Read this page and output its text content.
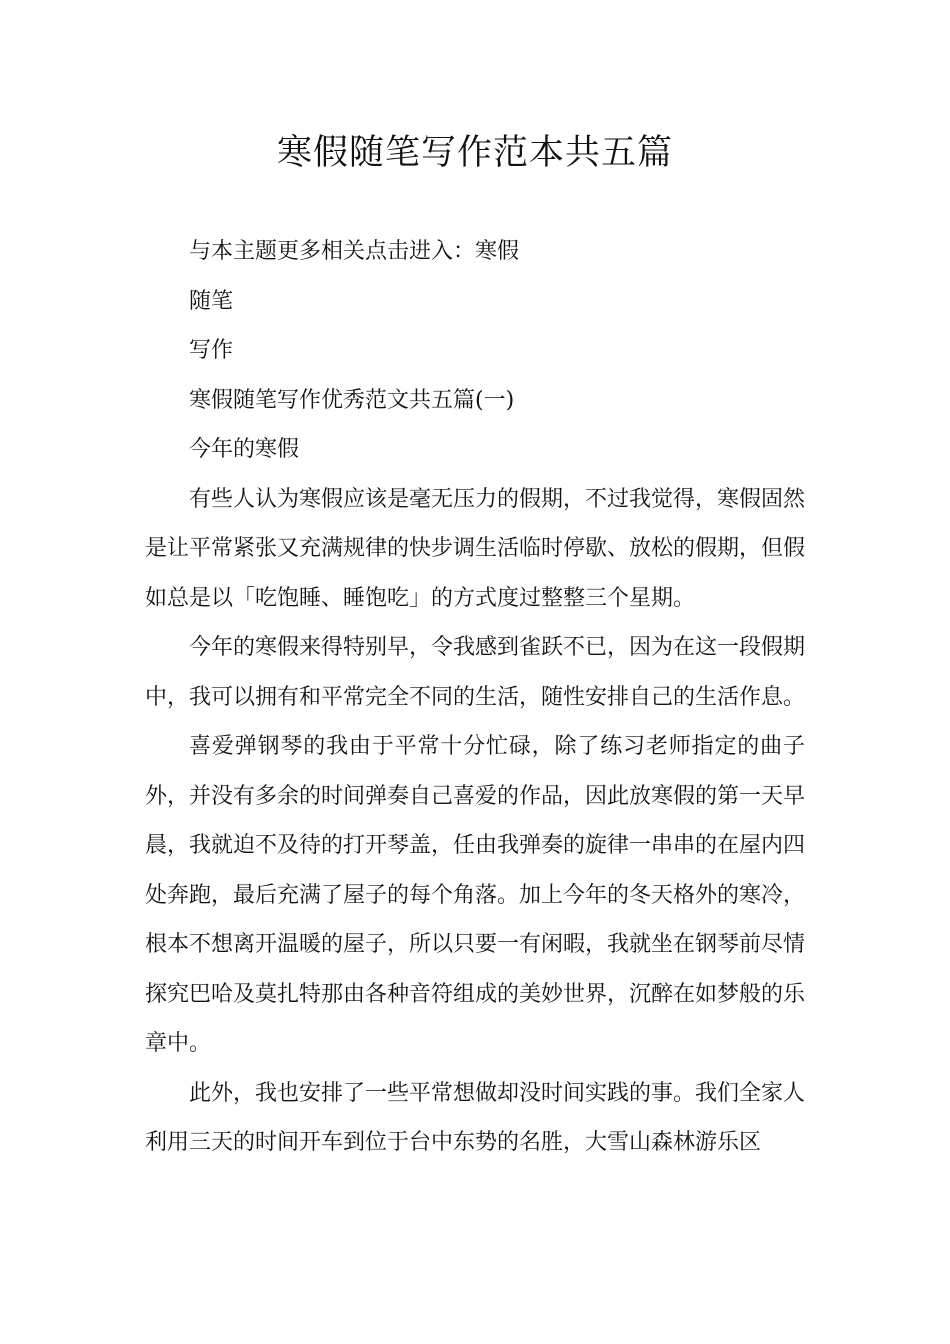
寒假随笔写作范本共五篇

与本主题更多相关点击进入：寒假

随笔

写作

寒假随笔写作优秀范文共五篇(一)

今年的寒假

有些人认为寒假应该是毫无压力的假期，不过我觉得，寒假固然是让平常紧张又充满规律的快步调生活临时停歇、放松的假期，但假如总是以「吃饱睡、睡饱吃」的方式度过整整三个星期。

今年的寒假来得特别早，令我感到雀跃不已，因为在这一段假期中，我可以拥有和平常完全不同的生活，随性安排自己的生活作息。

喜爱弹钢琴的我由于平常十分忙碌，除了练习老师指定的曲子外，并没有多余的时间弹奏自己喜爱的作品，因此放寒假的第一天早晨，我就迫不及待的打开琴盖，任由我弹奏的旋律一串串的在屋内四处奔跑，最后充满了屋子的每个角落。加上今年的冬天格外的寒冷，根本不想离开温暖的屋子，所以只要一有闲暇，我就坐在钢琴前尽情探究巴哈及莫扎特那由各种音符组成的美妙世界，沉醉在如梦般的乐章中。

此外，我也安排了一些平常想做却没时间实践的事。我们全家人利用三天的时间开车到位于台中东势的名胜，大雪山森林游乐区
